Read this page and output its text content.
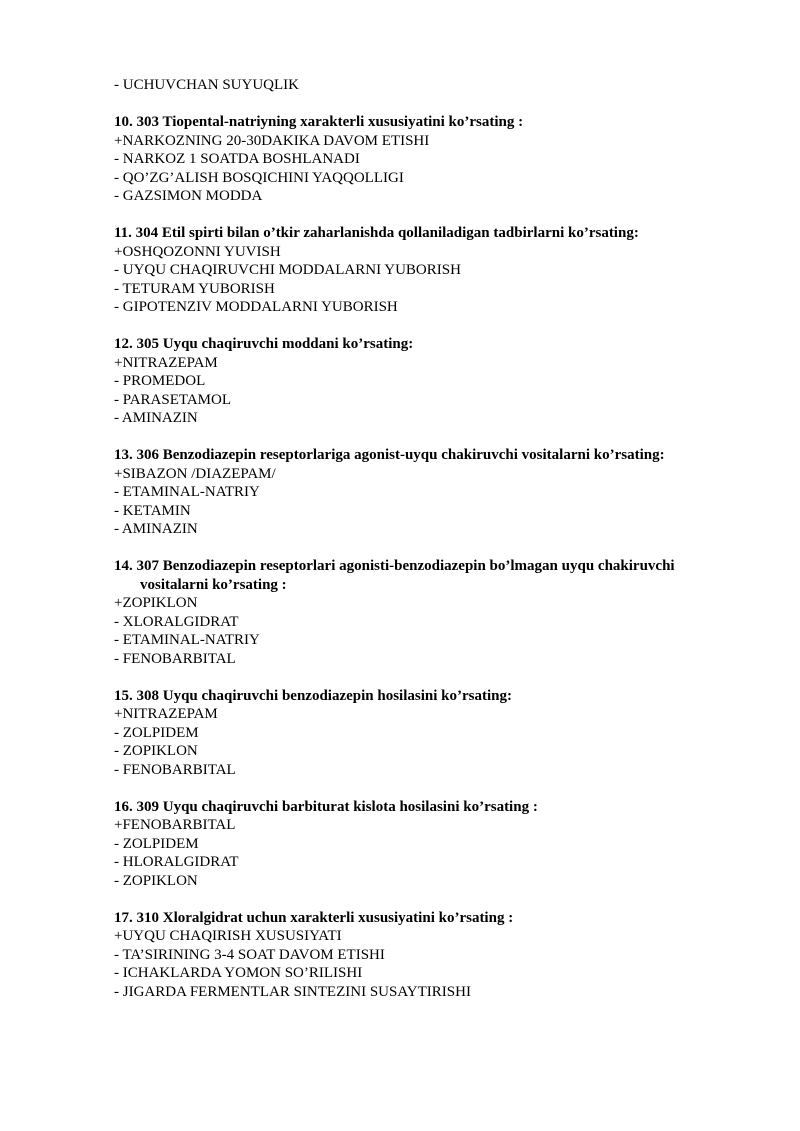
- UCHUVCHAN SUYUQLIK
10. 303 Tiopental-natriyning xarakterli xususiyatini ko’rsating :
+NARKOZNING 20-30DAKIKA DAVOM ETISHI
- NARKOZ 1 SOATDA BOSHLANADI
- QO’ZG’ALISH BOSQICHINI YAQQOLLIGI
- GAZSIMON MODDA
11. 304 Etil spirti bilan o’tkir zaharlanishda qollaniladigan tadbirlarni ko’rsating:
+OSHQOZONNI YUVISH
- UYQU CHAQIRUVCHI MODDALARNI YUBORISH
- TETURAM YUBORISH
- GIPOTENZIV MODDALARNI YUBORISH
12. 305 Uyqu chaqiruvchi moddani ko’rsating:
+NITRAZEPAM
- PROMEDOL
- PARASETAMOL
- AMINAZIN
13. 306 Benzodiazepin reseptorlariga agonist-uyqu chakiruvchi vositalarni ko’rsating:
+SIBAZON /DIAZEPAM/
- ETAMINAL-NATRIY
- KETAMIN
- AMINAZIN
14. 307 Benzodiazepin reseptorlari agonisti-benzodiazepin bo’lmagan uyqu chakiruvchi vositalarni ko’rsating :
+ZOPIKLON
- XLORALGIDRAT
- ETAMINAL-NATRIY
- FENOBARBITAL
15. 308 Uyqu chaqiruvchi benzodiazepin hosilasini ko’rsating:
+NITRAZEPAM
- ZOLPIDEM
- ZOPIKLON
- FENOBARBITAL
16. 309 Uyqu chaqiruvchi barbiturat kislota hosilasini ko’rsating :
+FENOBARBITAL
- ZOLPIDEM
- HLORALGIDRAT
- ZOPIKLON
17. 310 Xloralgidrat uchun xarakterli xususiyatini ko’rsating :
+UYQU CHAQIRISH XUSUSIYATI
- TA’SIRINING 3-4 SOAT DAVOM ETISHI
- ICHAKLARDA YOMON SO’RILISHI
- JIGARDA FERMENTLAR SINTEZINI SUSAYTIRISHI
